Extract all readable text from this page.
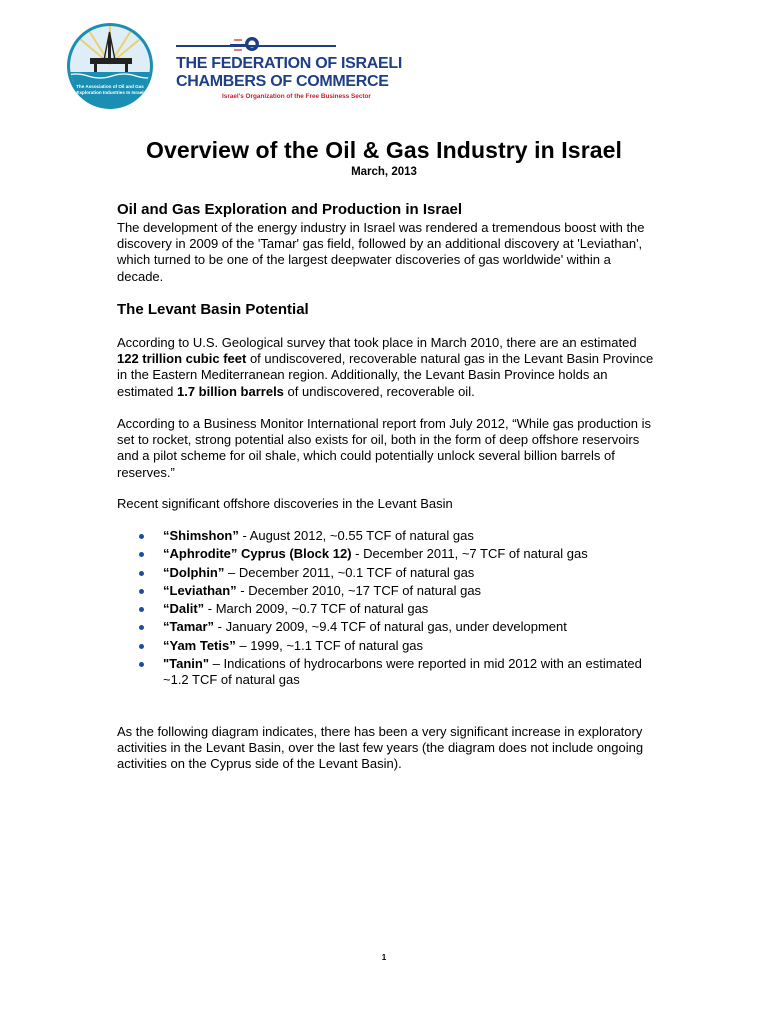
The Association of Oil and Gas
Exploration Industries In Israel
THE FEDERATION OF ISRAELI
CHAMBERS OF COMMERCE
Israel's Organization of the Free Business Sector
Overview of the Oil & Gas Industry in Israel
March, 2013
Oil and Gas Exploration and Production in Israel
The development of the energy industry in Israel was rendered a tremendous boost with the discovery in 2009 of the 'Tamar' gas field, followed by an additional discovery at 'Leviathan', which turned to be one of the largest deepwater discoveries of gas worldwide' within a decade.
The Levant Basin Potential
According to U.S. Geological survey that took place in March 2010, there are an estimated 122 trillion cubic feet of undiscovered, recoverable natural gas in the Levant Basin Province in the Eastern Mediterranean region. Additionally, the Levant Basin Province holds an estimated 1.7 billion barrels of undiscovered, recoverable oil.
According to a Business Monitor International report from July 2012, “While gas production is set to rocket, strong potential also exists for oil, both in the form of deep offshore reservoirs and a pilot scheme for oil shale, which could potentially unlock several billion barrels of reserves.”
Recent significant offshore discoveries in the Levant Basin
“Shimshon” - August 2012, ~0.55 TCF of natural gas
“Aphrodite” Cyprus (Block 12) - December 2011, ~7 TCF of natural gas
“Dolphin” – December 2011, ~0.1 TCF of natural gas
“Leviathan” - December 2010, ~17 TCF of natural gas
“Dalit” - March 2009, ~0.7 TCF of natural gas
“Tamar” - January 2009, ~9.4 TCF of natural gas, under development
“Yam Tetis” – 1999, ~1.1 TCF of natural gas
"Tanin" – Indications of hydrocarbons were reported in mid 2012 with an estimated ~1.2 TCF of natural gas
As the following diagram indicates, there has been a very significant increase in exploratory activities in the Levant Basin, over the last few years (the diagram does not include ongoing activities on the Cyprus side of the Levant Basin).
1
